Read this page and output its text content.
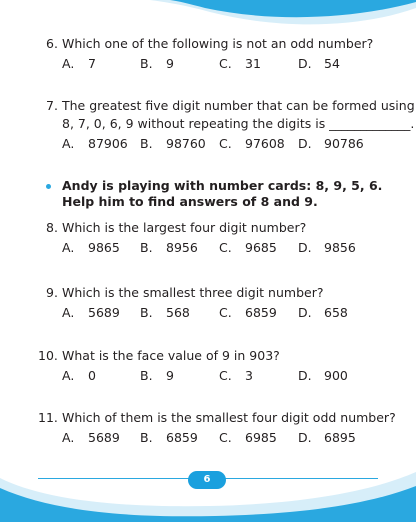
6. Which one of the following is not an odd number?
A. 7	B. 9	C. 31	D. 54
7. The greatest five digit number that can be formed using
8, 7, 0, 6, 9 without repeating the digits is _____________.
A. 87906 B. 98760 C. 97608 D. 90786
Andy is playing with number cards: 8, 9, 5, 6.
Help him to find answers of 8 and 9.
8. Which is the largest four digit number?
A. 9865 B. 8956 C. 9685 D. 9856
9. Which is the smallest three digit number?
A. 5689 B. 568 C. 6859 D. 658
10. What is the face value of 9 in 903?
A. 0	B. 9	C. 3	D. 900
11. Which of them is the smallest four digit odd number?
A. 5689 B. 6859 C. 6985 D. 6895
6
